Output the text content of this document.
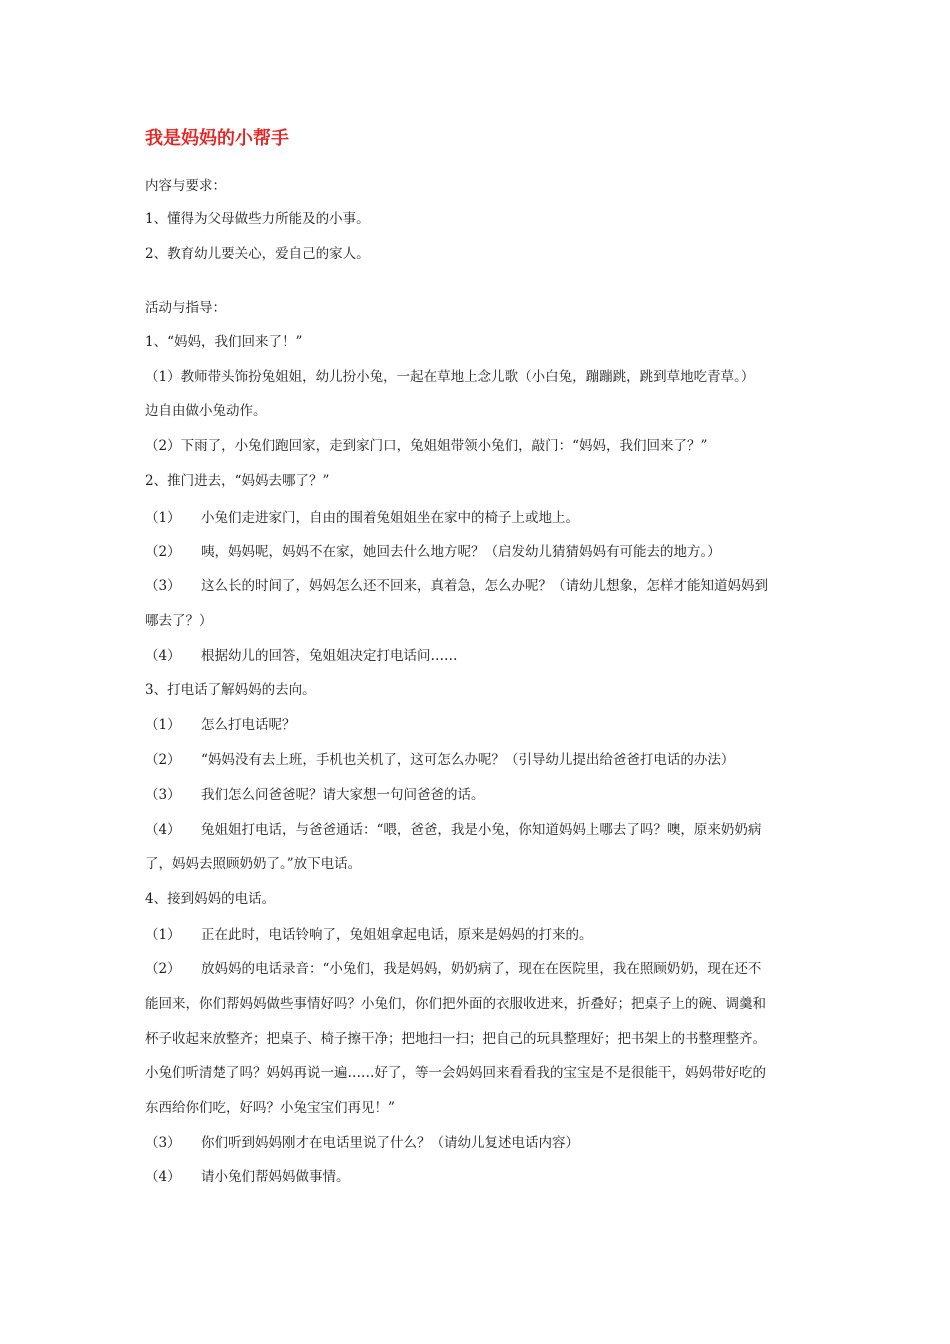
我是妈妈的小帮手
内容与要求：
1、懂得为父母做些力所能及的小事。
2、教育幼儿要关心，爱自己的家人。
活动与指导：
1、“妈妈，我们回来了！”
（1）教师带头饰扮兔姐姐，幼儿扮小兔，一起在草地上念儿歌（小白兔，蹦蹦跳，跳到草地吃青草。）
边自由做小兔动作。
（2）下雨了，小兔们跑回家，走到家门口，兔姐姐带领小兔们，敲门：“妈妈，我们回来了？”
2、推门进去，“妈妈去哪了？”
（1） 小兔们走进家门，自由的围着兔姐姐坐在家中的椅子上或地上。
（2） 咦，妈妈呢，妈妈不在家，她回去什么地方呢？（启发幼儿猜猜妈妈有可能去的地方。）
（3） 这么长的时间了，妈妈怎么还不回来，真着急，怎么办呢？（请幼儿想象，怎样才能知道妈妈到
哪去了？）
（4） 根据幼儿的回答，兔姐姐决定打电话问……
3、打电话了解妈妈的去向。
（1） 怎么打电话呢？
（2） “妈妈没有去上班，手机也关机了，这可怎么办呢？（引导幼儿提出给爸爸打电话的办法）
（3） 我们怎么问爸爸呢？请大家想一句问爸爸的话。
（4） 兔姐姐打电话，与爸爸通话：“喂，爸爸，我是小兔，你知道妈妈上哪去了吗？噢，原来奶奶病
了，妈妈去照顾奶奶了。”放下电话。
4、接到妈妈的电话。
（1） 正在此时，电话铃响了，兔姐姐拿起电话，原来是妈妈的打来的。
（2） 放妈妈的电话录音：“小兔们，我是妈妈，奶奶病了，现在在医院里，我在照顾奶奶，现在还不
能回来，你们帮妈妈做些事情好吗？小兔们，你们把外面的衣服收进来，折叠好；把桌子上的碗、调羹和
杯子收起来放整齐；把桌子、椅子擦干净；把地扫一扫；把自己的玩具整理好；把书架上的书整理整齐。
小兔们听清楚了吗？妈妈再说一遍……好了，等一会妈妈回来看看我的宝宝是不是很能干，妈妈带好吃的
东西给你们吃，好吗？小兔宝宝们再见！”
（3） 你们听到妈妈刚才在电话里说了什么？（请幼儿复述电话内容）
（4） 请小兔们帮妈妈做事情。
